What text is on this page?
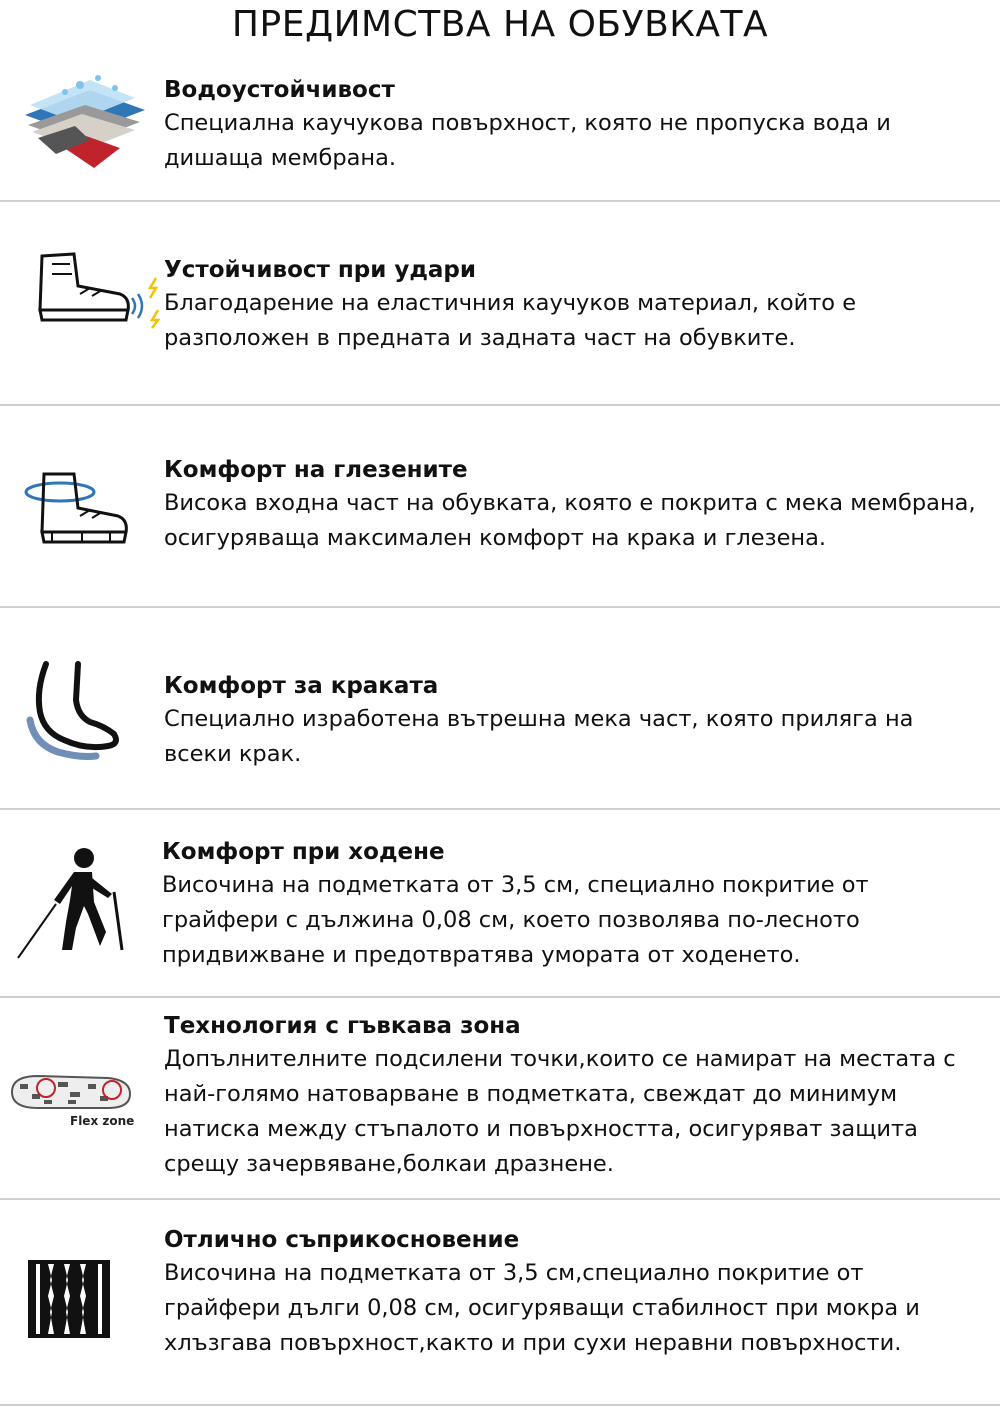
ПРЕДИМСТВА НА ОБУВКАТА
Водоустойчивост
Специална каучукова повърхност, която не пропуска вода и дишаща мембрана.
Устойчивост при удари
Благодарение на еластичния каучуков материал, който е разположен в предната и задната част на обувките.
Комфорт на глезените
Висока входна част на обувката, която е покрита с мека мембрана, осигуряваща максимален комфорт на крака и глезена.
Комфорт за краката
Специално изработена вътрешна мека част, която приляга на всеки крак.
Комфорт при ходене
Височина на подметката от 3,5 см, специално покритие от грайфери с дължина 0,08 см, което позволява по-лесното придвижване и предотвратява умората от ходенето.
Flex zone
Технология с гъвкава зона
Допълнителните подсилени точки,които се намират на местата с най-голямо натоварване в подметката, свеждат до минимум натиска между стъпалото и повърхността, осигуряват защита срещу зачервяване,болкаи дразнене.
Отлично съприкосновение
Височина на подметката от 3,5 см,специално покритие от грайфери дълги 0,08 см, осигуряващи стабилност при мокра и хлъзгава повърхност,както и при сухи неравни повърхности.
